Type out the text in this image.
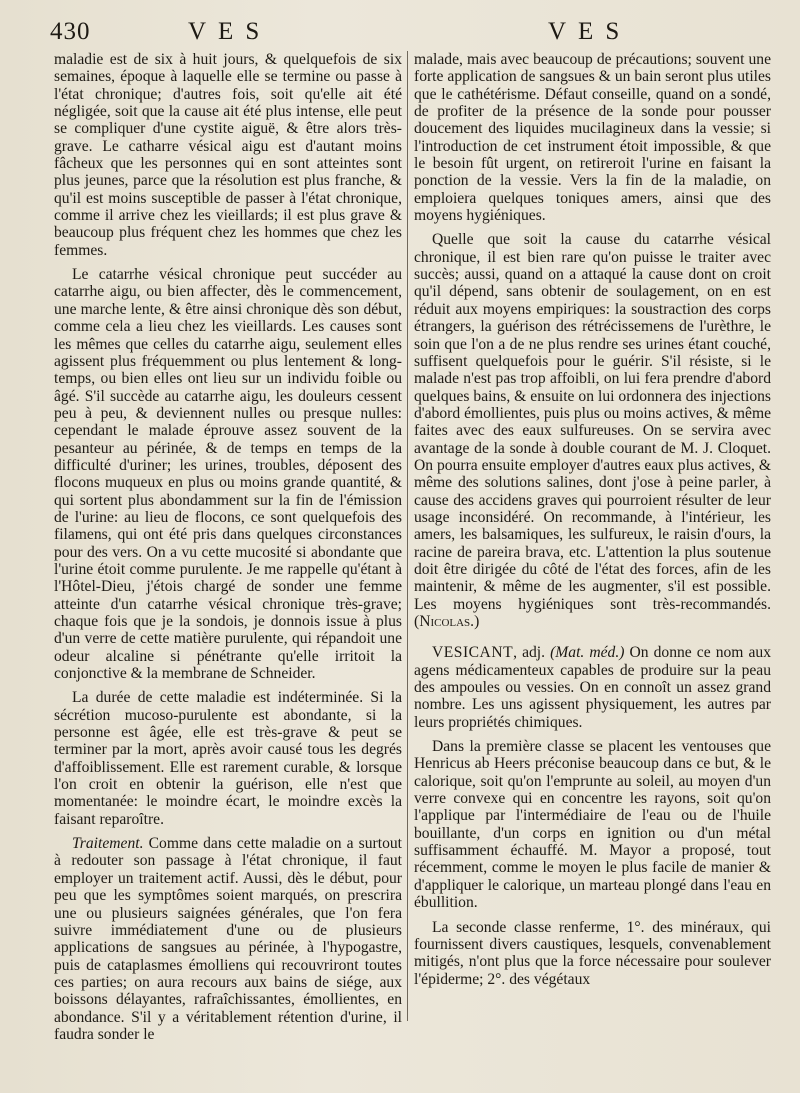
430	VES	VES

maladie est de six à huit jours, & quelquefois de six semaines, époque à laquelle elle se termine ou passe à l'état chronique; d'autres fois, soit qu'elle ait été négligée, soit que la cause ait été plus intense, elle peut se compliquer d'une cystite aiguë, & être alors très-grave. Le catharre vésical aigu est d'autant moins fâcheux que les personnes qui en sont atteintes sont plus jeunes, parce que la résolution est plus franche, & qu'il est moins susceptible de passer à l'état chronique, comme il arrive chez les vieillards; il est plus grave & beaucoup plus fréquent chez les hommes que chez les femmes.

Le catarrhe vésical chronique peut succéder au catarrhe aigu, ou bien affecter, dès le commencement, une marche lente, & être ainsi chronique dès son début, comme cela a lieu chez les vieillards. Les causes sont les mêmes que celles du catarrhe aigu, seulement elles agissent plus fréquemment ou plus lentement & long-temps, ou bien elles ont lieu sur un individu foible ou âgé. S'il succède au catarrhe aigu, les douleurs cessent peu à peu, & deviennent nulles ou presque nulles: cependant le malade éprouve assez souvent de la pesanteur au périnée, & de temps en temps de la difficulté d'uriner; les urines, troubles, déposent des flocons muqueux en plus ou moins grande quantité, & qui sortent plus abondamment sur la fin de l'émission de l'urine: au lieu de flocons, ce sont quelquefois des filamens, qui ont été pris dans quelques circonstances pour des vers. On a vu cette mucosité si abondante que l'urine étoit comme purulente. Je me rappelle qu'étant à l'Hôtel-Dieu, j'étois chargé de sonder une femme atteinte d'un catarrhe vésical chronique très-grave; chaque fois que je la sondois, je donnois issue à plus d'un verre de cette matière purulente, qui répandoit une odeur alcaline si pénétrante qu'elle irritoit la conjonctive & la membrane de Schneider.

La durée de cette maladie est indéterminée. Si la sécrétion mucoso-purulente est abondante, si la personne est âgée, elle est très-grave & peut se terminer par la mort, après avoir causé tous les degrés d'affoiblissement. Elle est rarement curable, & lorsque l'on croit en obtenir la guérison, elle n'est que momentanée: le moindre écart, le moindre excès la faisant reparoître.

Traitement. Comme dans cette maladie on a surtout à redouter son passage à l'état chronique, il faut employer un traitement actif. Aussi, dès le début, pour peu que les symptômes soient marqués, on prescrira une ou plusieurs saignées générales, que l'on fera suivre immédiatement d'une ou de plusieurs applications de sangsues au périnée, à l'hypogastre, puis de cataplasmes émolliens qui recouvriront toutes ces parties; on aura recours aux bains de siége, aux boissons délayantes, rafraîchissantes, émollientes, en abondance. S'il y a véritablement rétention d'urine, il faudra sonder le

malade, mais avec beaucoup de précautions; souvent une forte application de sangsues & un bain seront plus utiles que le cathétérisme. Défaut conseille, quand on a sondé, de profiter de la présence de la sonde pour pousser doucement des liquides mucilagineux dans la vessie; si l'introduction de cet instrument étoit impossible, & que le besoin fût urgent, on retireroit l'urine en faisant la ponction de la vessie. Vers la fin de la maladie, on emploiera quelques toniques amers, ainsi que des moyens hygiéniques.

Quelle que soit la cause du catarrhe vésical chronique, il est bien rare qu'on puisse le traiter avec succès; aussi, quand on a attaqué la cause dont on croit qu'il dépend, sans obtenir de soulagement, on en est réduit aux moyens empiriques: la soustraction des corps étrangers, la guérison des rétrécissemens de l'urèthre, le soin que l'on a de ne plus rendre ses urines étant couché, suffisent quelquefois pour le guérir. S'il résiste, si le malade n'est pas trop affoibli, on lui fera prendre d'abord quelques bains, & ensuite on lui ordonnera des injections d'abord émollientes, puis plus ou moins actives, & même faites avec des eaux sulfureuses. On se servira avec avantage de la sonde à double courant de M. J. Cloquet. On pourra ensuite employer d'autres eaux plus actives, & même des solutions salines, dont j'ose à peine parler, à cause des accidens graves qui pourroient résulter de leur usage inconsidéré. On recommande, à l'intérieur, les amers, les balsamiques, les sulfureux, le raisin d'ours, la racine de pareira brava, etc. L'attention la plus soutenue doit être dirigée du côté de l'état des forces, afin de les maintenir, & même de les augmenter, s'il est possible. Les moyens hygiéniques sont très-recommandés. (Nicolas.)

VESICANT, adj. (Mat. méd.) On donne ce nom aux agens médicamenteux capables de produire sur la peau des ampoules ou vessies. On en connoît un assez grand nombre. Les uns agissent physiquement, les autres par leurs propriétés chimiques.

Dans la première classe se placent les ventouses que Henricus ab Heers préconise beaucoup dans ce but, & le calorique, soit qu'on l'emprunte au soleil, au moyen d'un verre convexe qui en concentre les rayons, soit qu'on l'applique par l'intermédiaire de l'eau ou de l'huile bouillante, d'un corps en ignition ou d'un métal suffisamment échauffé. M. Mayor a proposé, tout récemment, comme le moyen le plus facile de manier & d'appliquer le calorique, un marteau plongé dans l'eau en ébullition.

La seconde classe renferme, 1°. des minéraux, qui fournissent divers caustiques, lesquels, convenablement mitigés, n'ont plus que la force nécessaire pour soulever l'épiderme; 2°. des végétaux
